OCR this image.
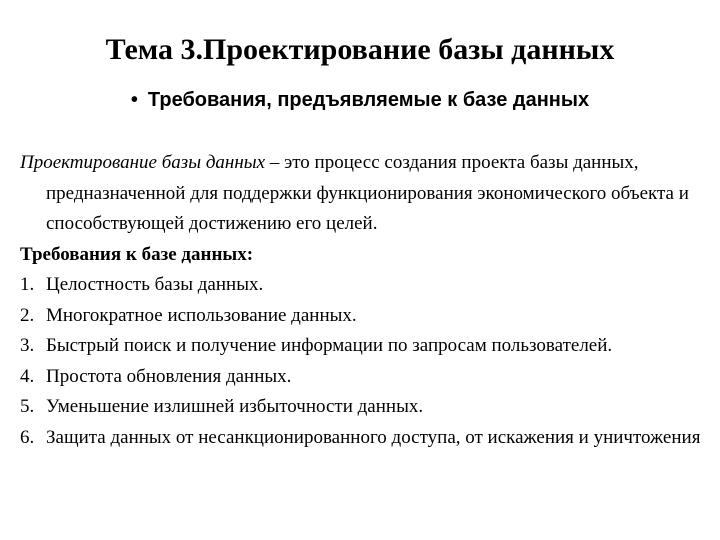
Тема 3.Проектирование базы данных
• Требования, предъявляемые к базе данных

Проектирование базы данных – это процесс создания проекта базы данных, предназначенной для поддержки функционирования экономического объекта и способствующей достижению его целей.

Требования к базе данных:

1. Целостность базы данных.

2. Многократное использование данных.

3. Быстрый поиск и получение информации по запросам пользователей.

4. Простота обновления данных.

5. Уменьшение излишней избыточности данных.

6. Защита данных от несанкционированного доступа, от искажения и уничтожения
